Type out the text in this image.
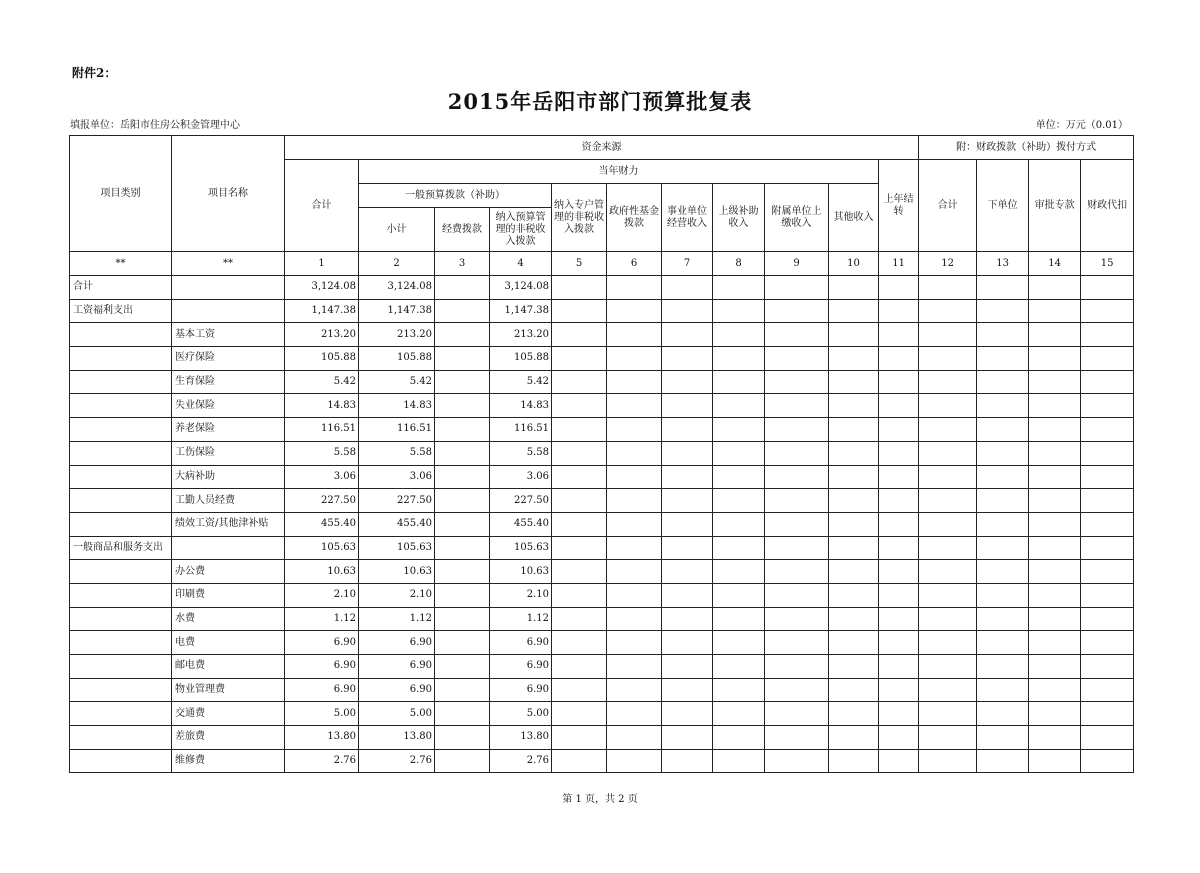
附件2：
2015年岳阳市部门预算批复表
填报单位：岳阳市住房公积金管理中心	单位：万元（0.01）
项目类别	项目名称	资金来源											附：财政拨款（补助）拨付方式			
		合计	当年财力									上年结转	合计	下单位	审批专款	财政代扣
			一般预算拨款（补助）			纳入专户管理的非税收入拨款	政府性基金拨款	事业单位经营收入	上级补助收入	附属单位上缴收入	其他收入					
			小计	经费拨款	纳入预算管理的非税收入拨款											
**	**	1	2	3	4	5	6	7	8	9	10	11	12	13	14	15
合计		3,124.08	3,124.08		3,124.08											
工资福利支出		1,147.38	1,147.38		1,147.38											
	基本工资	213.20	213.20		213.20											
	医疗保险	105.88	105.88		105.88											
	生育保险	5.42	5.42		5.42											
	失业保险	14.83	14.83		14.83											
	养老保险	116.51	116.51		116.51											
	工伤保险	5.58	5.58		5.58											
	大病补助	3.06	3.06		3.06											
	工勤人员经费	227.50	227.50		227.50											
	绩效工资/其他津补贴	455.40	455.40		455.40											
一般商品和服务支出		105.63	105.63		105.63											
	办公费	10.63	10.63		10.63											
	印刷费	2.10	2.10		2.10											
	水费	1.12	1.12		1.12											
	电费	6.90	6.90		6.90											
	邮电费	6.90	6.90		6.90											
	物业管理费	6.90	6.90		6.90											
	交通费	5.00	5.00		5.00											
	差旅费	13.80	13.80		13.80											
	维修费	2.76	2.76		2.76											
第 1 页，共 2 页
